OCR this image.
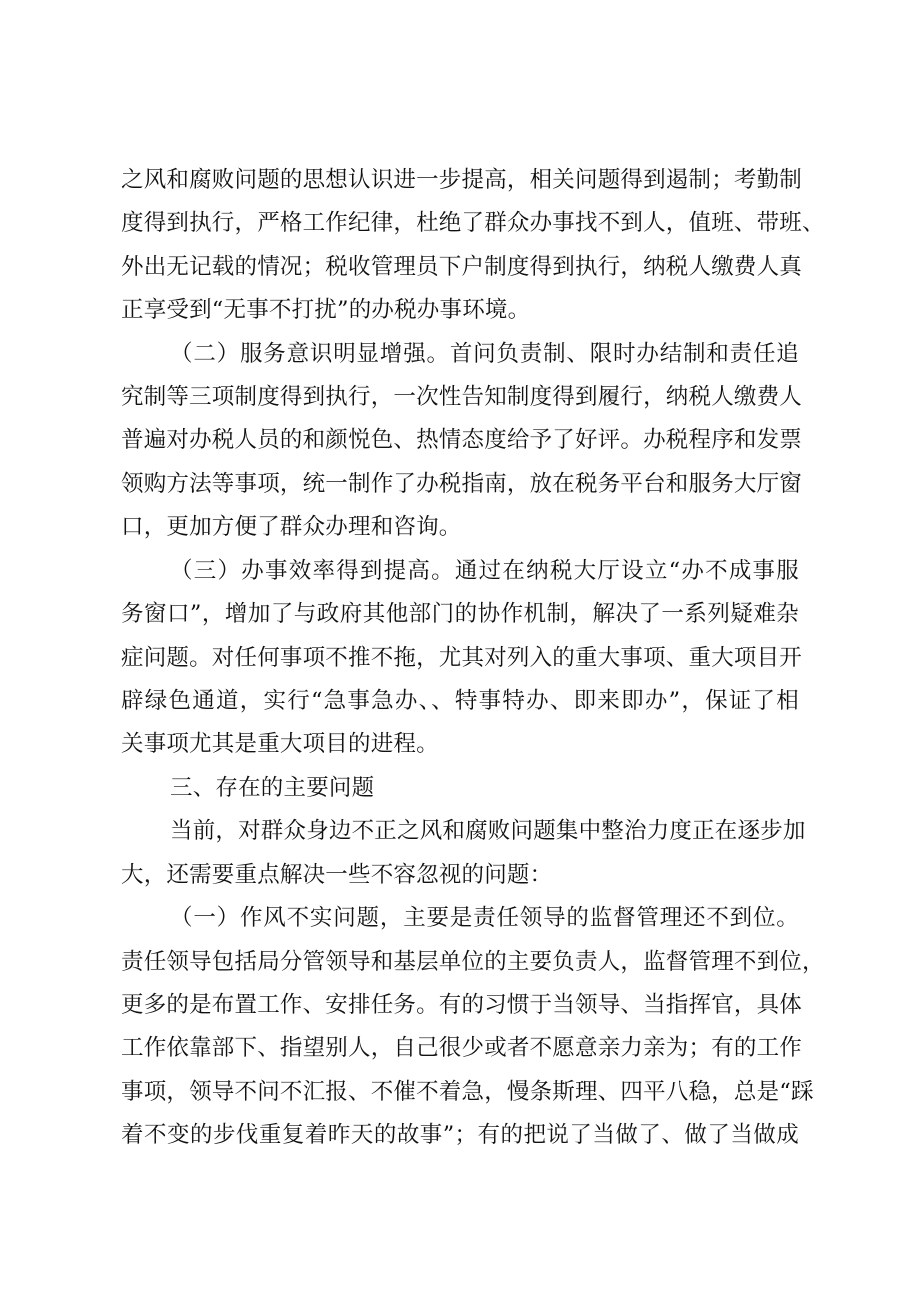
之风和腐败问题的思想认识进一步提高，相关问题得到遏制；考勤制
度得到执行，严格工作纪律，杜绝了群众办事找不到人，值班、带班、
外出无记载的情况；税收管理员下户制度得到执行，纳税人缴费人真
正享受到“无事不打扰”的办税办事环境。
（二）服务意识明显增强。首问负责制、限时办结制和责任追
究制等三项制度得到执行，一次性告知制度得到履行，纳税人缴费人
普遍对办税人员的和颜悦色、热情态度给予了好评。办税程序和发票
领购方法等事项，统一制作了办税指南，放在税务平台和服务大厅窗
口，更加方便了群众办理和咨询。
（三）办事效率得到提高。通过在纳税大厅设立“办不成事服
务窗口”，增加了与政府其他部门的协作机制，解决了一系列疑难杂
症问题。对任何事项不推不拖，尤其对列入的重大事项、重大项目开
辟绿色通道，实行“急事急办、、特事特办、即来即办”，保证了相
关事项尤其是重大项目的进程。
三、存在的主要问题
当前，对群众身边不正之风和腐败问题集中整治力度正在逐步加
大，还需要重点解决一些不容忽视的问题：
（一）作风不实问题，主要是责任领导的监督管理还不到位。
责任领导包括局分管领导和基层单位的主要负责人，监督管理不到位，
更多的是布置工作、安排任务。有的习惯于当领导、当指挥官，具体
工作依靠部下、指望别人，自己很少或者不愿意亲力亲为；有的工作
事项，领导不问不汇报、不催不着急，慢条斯理、四平八稳，总是“踩
着不变的步伐重复着昨天的故事”；有的把说了当做了、做了当做成
